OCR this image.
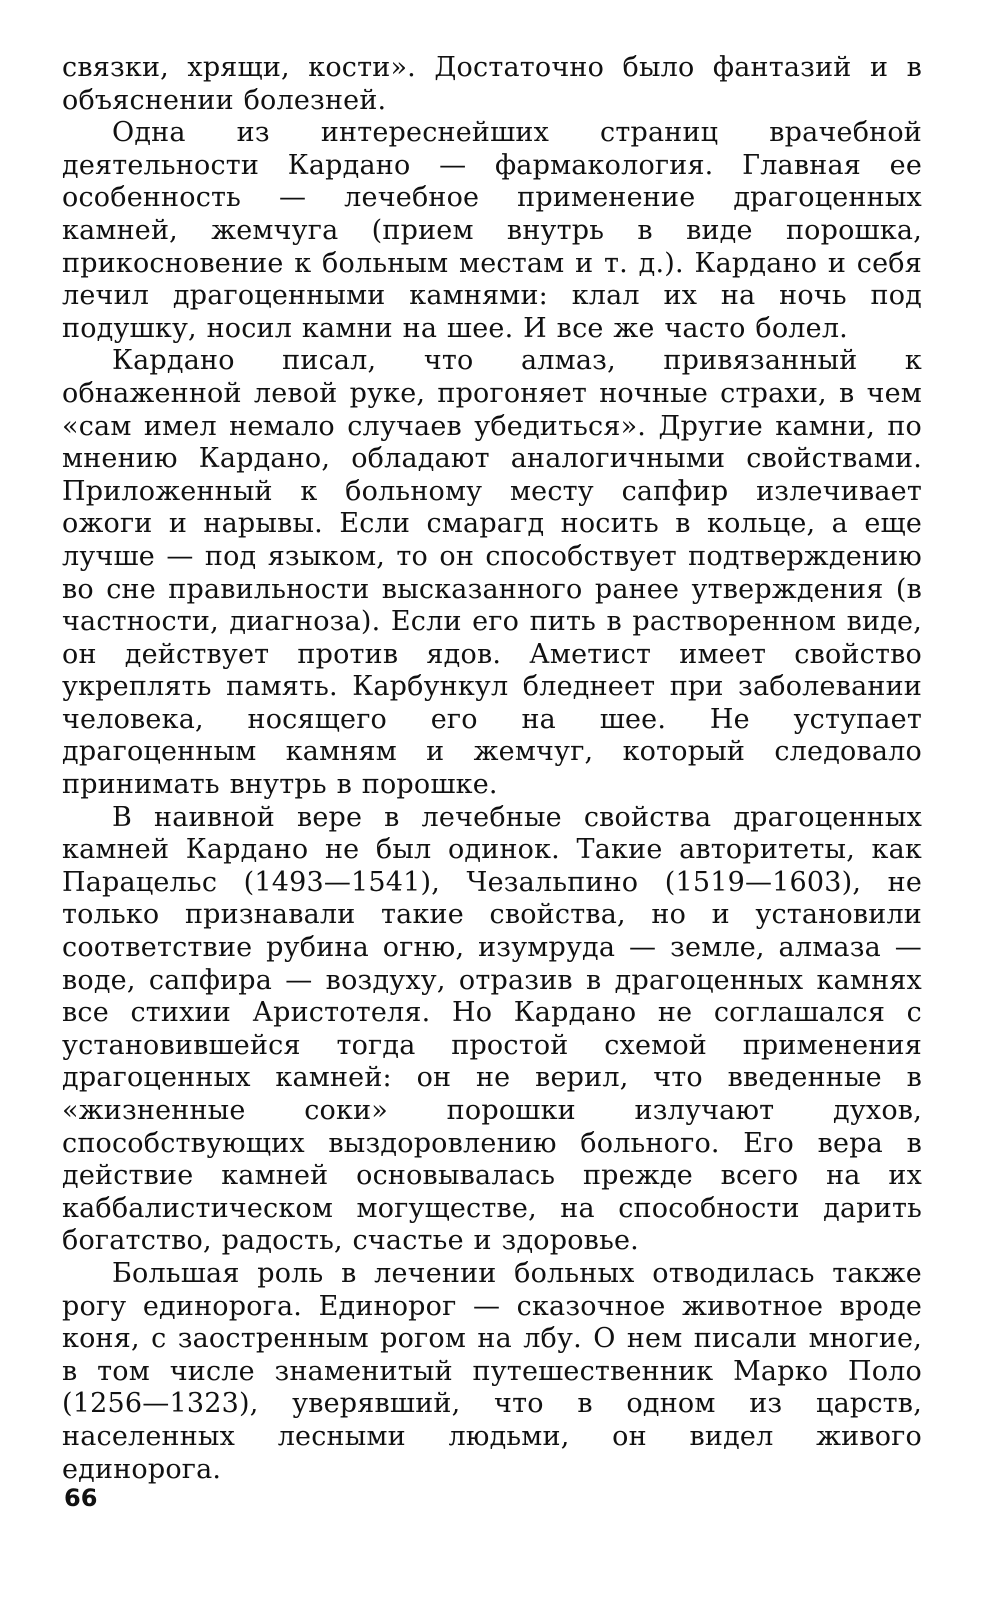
связки, хрящи, кости». Достаточно было фантазий и в объяснении болезней.

Одна из интереснейших страниц врачебной деятельности Кардано — фармакология. Главная ее особенность — лечебное применение драгоценных камней, жемчуга (прием внутрь в виде порошка, прикосновение к больным местам и т. д.). Кардано и себя лечил драгоценными камнями: клал их на ночь под подушку, носил камни на шее. И все же часто болел.

Кардано писал, что алмаз, привязанный к обнаженной левой руке, прогоняет ночные страхи, в чем «сам имел немало случаев убедиться». Другие камни, по мнению Кардано, обладают аналогичными свойствами. Приложенный к больному месту сапфир излечивает ожоги и нарывы. Если смарагд носить в кольце, а еще лучше — под языком, то он способствует подтверждению во сне правильности высказанного ранее утверждения (в частности, диагноза). Если его пить в растворенном виде, он действует против ядов. Аметист имеет свойство укреплять память. Карбункул бледнеет при заболевании человека, носящего его на шее. Не уступает драгоценным камням и жемчуг, который следовало принимать внутрь в порошке.

В наивной вере в лечебные свойства драгоценных камней Кардано не был одинок. Такие авторитеты, как Парацельс (1493—1541), Чезальпино (1519—1603), не только признавали такие свойства, но и установили соответствие рубина огню, изумруда — земле, алмаза — воде, сапфира — воздуху, отразив в драгоценных камнях все стихии Аристотеля. Но Кардано не соглашался с установившейся тогда простой схемой применения драгоценных камней: он не верил, что введенные в «жизненные соки» порошки излучают духов, способствующих выздоровлению больного. Его вера в действие камней основывалась прежде всего на их каббалистическом могуществе, на способности дарить богатство, радость, счастье и здоровье.

Большая роль в лечении больных отводилась также рогу единорога. Единорог — сказочное животное вроде коня, с заостренным рогом на лбу. О нем писали многие, в том числе знаменитый путешественник Марко Поло (1256—1323), уверявший, что в одном из царств, населенных лесными людьми, он видел живого единорога.

66
